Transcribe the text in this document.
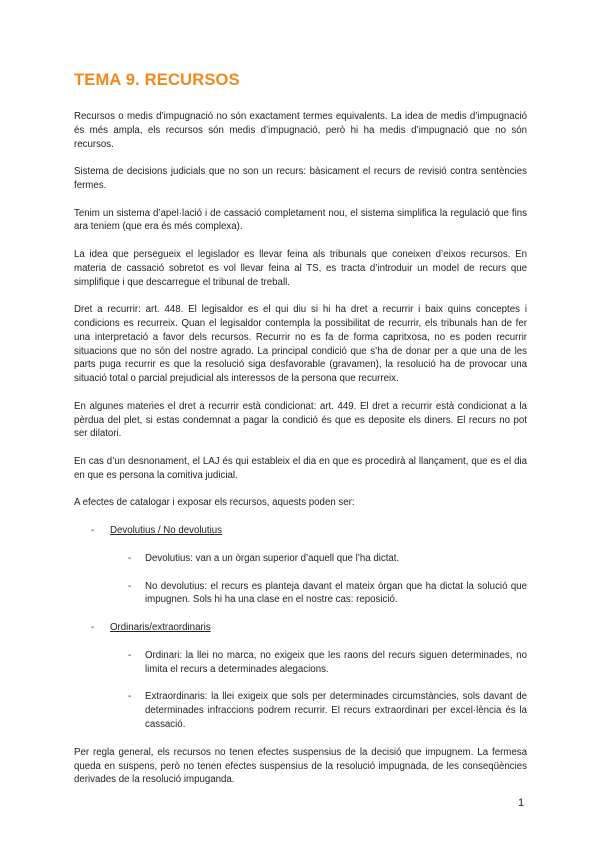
TEMA 9. RECURSOS

Recursos o medis d’impugnació no són exactament termes equivalents. La idea de medis d’impugnació és més ampla, els recursos són medis d’impugnació, però hi ha medis d’impugnació que no són recursos.

Sistema de decisions judicials que no son un recurs: bàsicament el recurs de revisió contra sentències fermes.

Tenim un sistema d’apel·lació i de cassació completament nou, el sistema simplifica la regulació que fins ara teniem (que era és més complexa).

La idea que persegueix el legislador es llevar feina als tribunals que coneixen d’eixos recursos. En materia de cassació sobretot es vol llevar feina al TS, es tracta d’introduir un model de recurs que simplifique i que descarregue el tribunal de treball.

Dret a recurrir: art. 448. El legisaldor es el qui diu si hi ha dret a recurrir i baix quins conceptes i condicions es recurreix. Quan el legisaldor contempla la possibilitat de recurrir, els tribunals han de fer una interpretació a favor dels recursos. Recurrir no es fa de forma capritxosa, no es poden recurrir situacions que no són del nostre agrado. La principal condició que s’ha de donar per a que una de les parts puga recurrir es que la resolució siga desfavorable (gravamen), la resolució ha de provocar una situació total o parcial prejudicial als interessos de la persona que recurreix.

En algunes materies el dret a recurrir està condicionat: art. 449. El dret a recurrir està condicionat a la pèrdua del plet, si estas condemnat a pagar la condició és que es deposite els diners. El recurs no pot ser dilatori.

En cas d’un desnonament, el LAJ és qui estableix el dia en que es procedirà al llançament, que es el dia en que es persona la comitiva judicial.

A efectes de catalogar i exposar els recursos, aquests poden ser:

- Devolutius / No devolutius
- Devolutius: van a un òrgan superior d’aquell que l’ha dictat.
- No devolutius: el recurs es planteja davant el mateix òrgan que ha dictat la solució que impugnen. Sols hi ha una clase en el nostre cas: reposició.
- Ordinaris/extraordinaris
- Ordinari: la llei no marca, no exigeix que les raons del recurs siguen determinades, no limita el recurs a determinades alegacions.
- Extraordinaris: la llei exigeix que sols per determinades circumstàncies, sols davant de determinades infraccions podrem recurrir. El recurs extraordinari per excel·lència és la cassació.

Per regla general, els recursos no tenen efectes suspensius de la decisió que impugnem. La fermesa queda en suspens, però no tenen efectes suspensius de la resolució impugnada, de les conseqüències derivades de la resolució impuganda.

1
